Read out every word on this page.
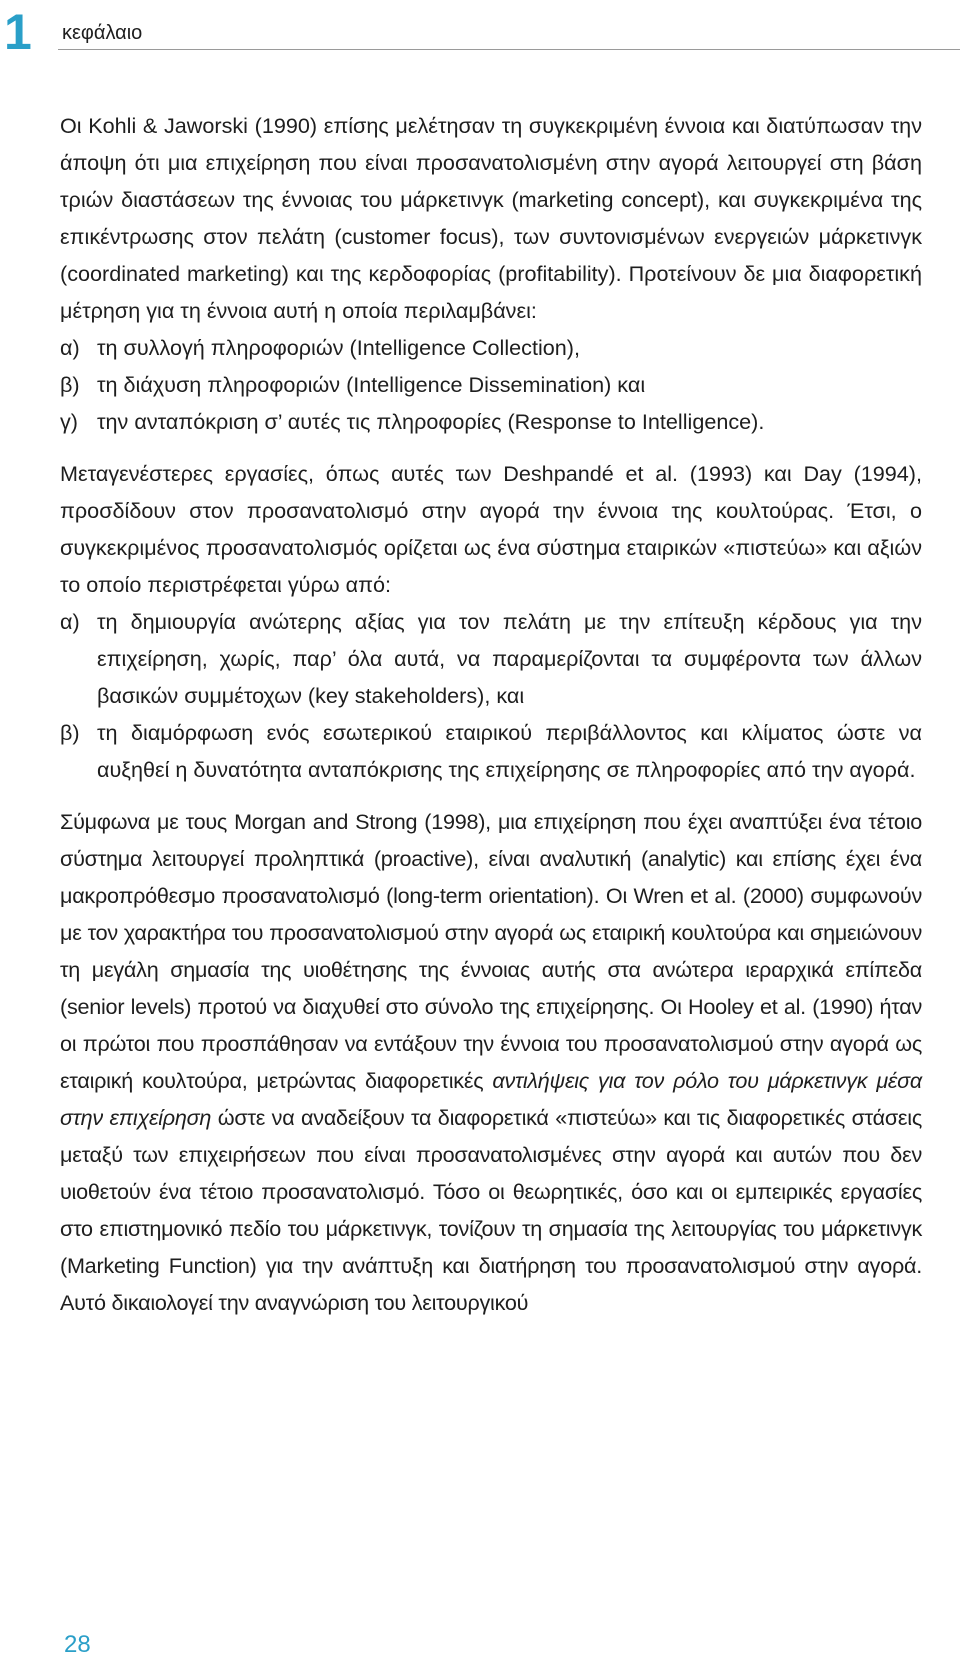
1 κεφάλαιο

Οι Kohli & Jaworski (1990) επίσης μελέτησαν τη συγκεκριμένη έννοια και διατύπωσαν την άποψη ότι μια επιχείρηση που είναι προσανατολισμένη στην αγορά λειτουργεί στη βάση τριών διαστάσεων της έννοιας του μάρκετινγκ (marketing concept), και συγκεκριμένα της επικέντρωσης στον πελάτη (customer focus), των συντονισμένων ενεργειών μάρκετινγκ (coordinated marketing) και της κερδοφορίας (profitability). Προτείνουν δε μια διαφορετική μέτρηση για τη έννοια αυτή η οποία περιλαμβάνει:

α) τη συλλογή πληροφοριών (Intelligence Collection),

β) τη διάχυση πληροφοριών (Intelligence Dissemination) και

γ) την ανταπόκριση σ’ αυτές τις πληροφορίες (Response to Intelligence).

Μεταγενέστερες εργασίες, όπως αυτές των Deshpandé et al. (1993) και Day (1994), προσδίδουν στον προσανατολισμό στην αγορά την έννοια της κουλτούρας. Έτσι, ο συγκεκριμένος προσανατολισμός ορίζεται ως ένα σύστημα εταιρικών «πιστεύω» και αξιών το οποίο περιστρέφεται γύρω από:

α) τη δημιουργία ανώτερης αξίας για τον πελάτη με την επίτευξη κέρδους για την επιχείρηση, χωρίς, παρ’ όλα αυτά, να παραμερίζονται τα συμφέροντα των άλλων βασικών συμμέτοχων (key stakeholders), και

β) τη διαμόρφωση ενός εσωτερικού εταιρικού περιβάλλοντος και κλίματος ώστε να αυξηθεί η δυνατότητα ανταπόκρισης της επιχείρησης σε πληροφορίες από την αγορά.

Σύμφωνα με τους Morgan and Strong (1998), μια επιχείρηση που έχει αναπτύξει ένα τέτοιο σύστημα λειτουργεί προληπτικά (proactive), είναι αναλυτική (analytic) και επίσης έχει ένα μακροπρόθεσμο προσανατολισμό (long-term orientation). Οι Wren et al. (2000) συμφωνούν με τον χαρακτήρα του προσανατολισμού στην αγορά ως εταιρική κουλτούρα και σημειώνουν τη μεγάλη σημασία της υιοθέτησης της έννοιας αυτής στα ανώτερα ιεραρχικά επίπεδα (senior levels) προτού να διαχυθεί στο σύνολο της επιχείρησης. Οι Hooley et al. (1990) ήταν οι πρώτοι που προσπάθησαν να εντάξουν την έννοια του προσανατολισμού στην αγορά ως εταιρική κουλτούρα, μετρώντας διαφορετικές αντιλήψεις για τον ρόλο του μάρκετινγκ μέσα στην επιχείρηση ώστε να αναδείξουν τα διαφορετικά «πιστεύω» και τις διαφορετικές στάσεις μεταξύ των επιχειρήσεων που είναι προσανατολισμένες στην αγορά και αυτών που δεν υιοθετούν ένα τέτοιο προσανατολισμό. Τόσο οι θεωρητικές, όσο και οι εμπειρικές εργασίες στο επιστημονικό πεδίο του μάρκετινγκ, τονίζουν τη σημασία της λειτουργίας του μάρκετινγκ (Marketing Function) για την ανάπτυξη και διατήρηση του προσανατολισμού στην αγορά. Αυτό δικαιολογεί την αναγνώριση του λειτουργικού

28
